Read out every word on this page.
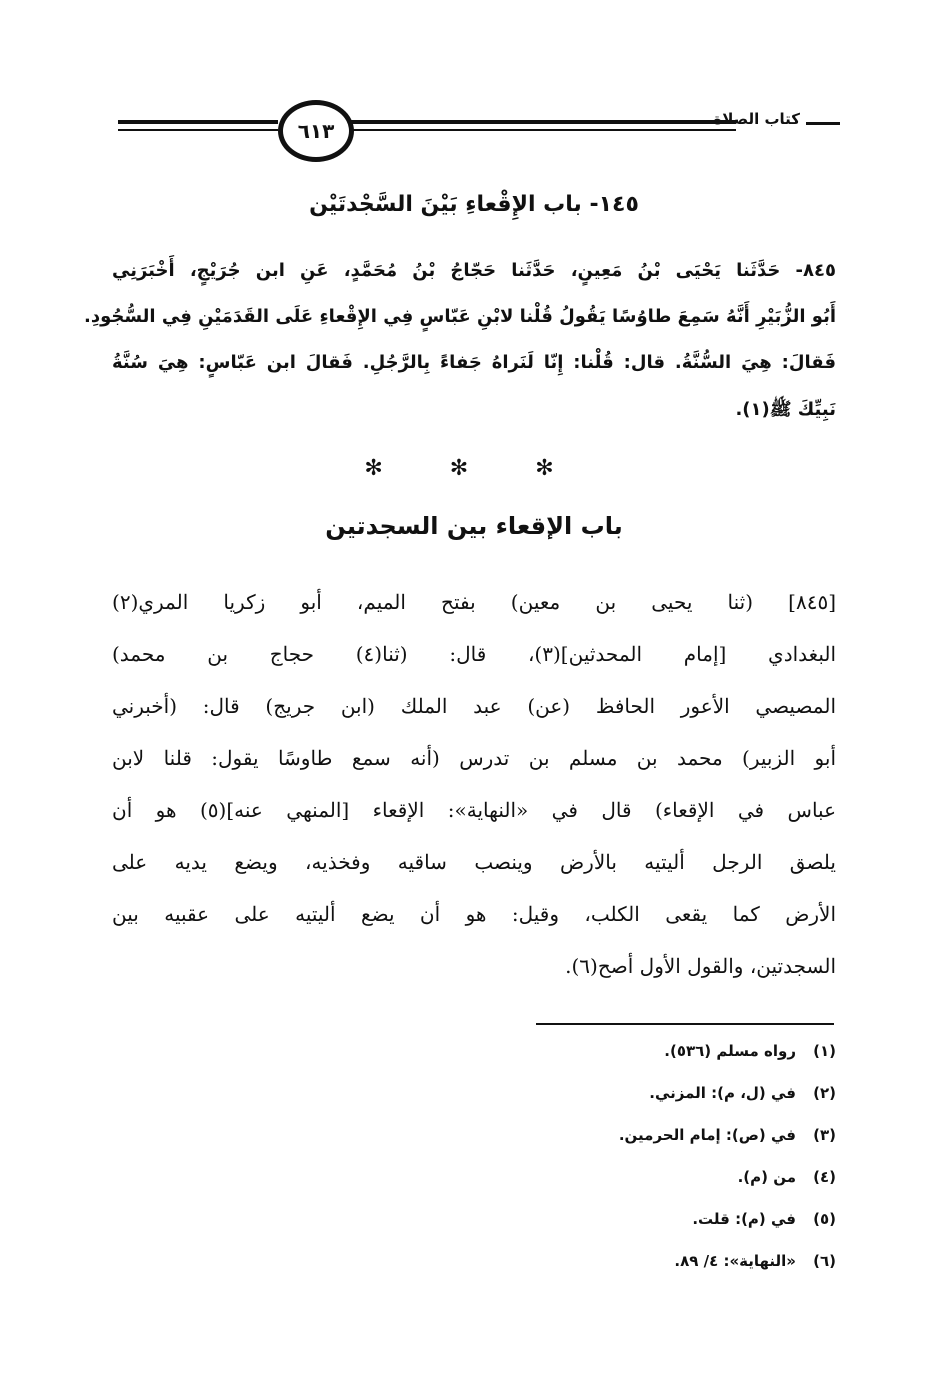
كتاب الصلاة
٦١٣
١٤٥- باب الإِقْعاءِ بَيْنَ السَّجْدتَيْن
٨٤٥- حَدَّثَنا يَحْيَى بْنُ مَعِينٍ، حَدَّثَنا حَجّاجُ بْنُ مُحَمَّدٍ، عَنِ ابن جُرَيْجٍ، أَخْبَرَنِي
أَبُو الزُّبَيْرِ أَنَّهُ سَمِعَ طاوُسًا يَقُولُ قُلْنا لابْنِ عَبّاسٍ فِي الإِقْعاءِ عَلَى القَدَمَيْنِ فِي السُّجُودِ.
فَقالَ: هِيَ السُّنَّةُ. قال: قُلْنا: إِنّا لَنَراهُ جَفاءً بِالرَّجُلِ. فَقالَ ابن عَبّاسٍ: هِيَ سُنَّةُ
نَبِيِّكَ ﷺ(١).
✻ ✻ ✻
باب الإقعاء بين السجدتين
[٨٤٥] (ثنا يحيى بن معين) بفتح الميم، أبو زكريا المري(٢)
البغدادي [إمام المحدثين](٣)، قال: (ثنا(٤) حجاج بن محمد)
المصيصي الأعور الحافظ (عن) عبد الملك (ابن جريج) قال: (أخبرني
أبو الزبير) محمد بن مسلم بن تدرس (أنه سمع طاوسًا يقول: قلنا لابن
عباس في الإقعاء) قال في «النهاية»: الإقعاء [المنهي عنه](٥) هو أن
يلصق الرجل أليتيه بالأرض وينصب ساقيه وفخذيه، ويضع يديه على
الأرض كما يقعى الكلب، وقيل: هو أن يضع أليتيه على عقبيه بين
السجدتين، والقول الأول أصح(٦).
(١)رواه مسلم (٥٣٦).
(٢)في (ل، م): المزني.
(٣)في (ص): إمام الحرمين.
(٤)من (م).
(٥)في (م): قلت.
(٦)«النهاية»: ٤/ ٨٩.
